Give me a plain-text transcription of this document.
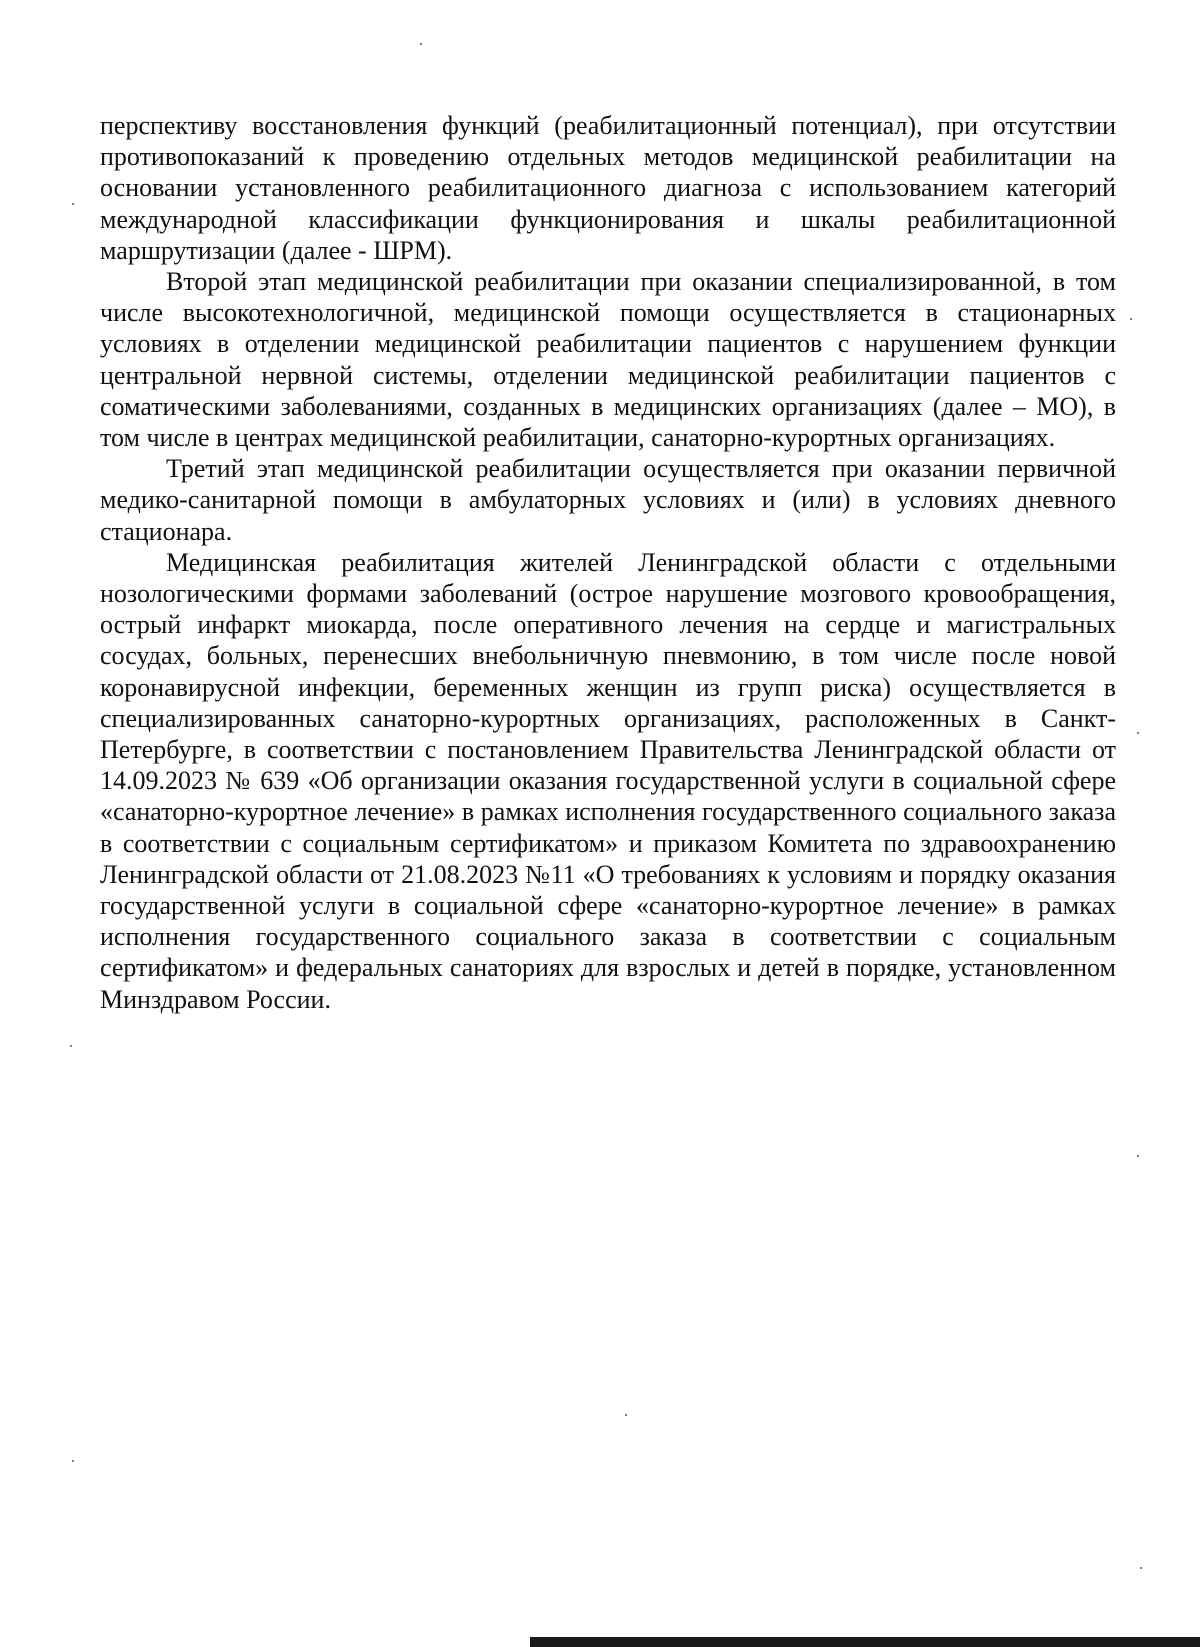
перспективу восстановления функций (реабилитационный потенциал), при отсутствии противопоказаний к проведению отдельных методов медицинской реабилитации на основании установленного реабилитационного диагноза с использованием категорий международной классификации функционирования и шкалы реабилитационной маршрутизации (далее - ШРМ).

Второй этап медицинской реабилитации при оказании специализированной, в том числе высокотехнологичной, медицинской помощи осуществляется в стационарных условиях в отделении медицинской реабилитации пациентов с нарушением функции центральной нервной системы, отделении медицинской реабилитации пациентов с соматическими заболеваниями, созданных в медицинских организациях (далее – МО), в том числе в центрах медицинской реабилитации, санаторно-курортных организациях.

Третий этап медицинской реабилитации осуществляется при оказании первичной медико-санитарной помощи в амбулаторных условиях и (или) в условиях дневного стационара.

Медицинская реабилитация жителей Ленинградской области с отдельными нозологическими формами заболеваний (острое нарушение мозгового кровообращения, острый инфаркт миокарда, после оперативного лечения на сердце и магистральных сосудах, больных, перенесших внебольничную пневмонию, в том числе после новой коронавирусной инфекции, беременных женщин из групп риска) осуществляется в специализированных санаторно-курортных организациях, расположенных в Санкт-Петербурге, в соответствии с постановлением Правительства Ленинградской области от 14.09.2023 № 639 «Об организации оказания государственной услуги в социальной сфере «санаторно-курортное лечение» в рамках исполнения государственного социального заказа в соответствии с социальным сертификатом» и приказом Комитета по здравоохранению Ленинградской области от 21.08.2023 №11 «О требованиях к условиям и порядку оказания государственной услуги в социальной сфере «санаторно-курортное лечение» в рамках исполнения государственного социального заказа в соответствии с социальным сертификатом» и федеральных санаториях для взрослых и детей в порядке, установленном Минздравом России.
